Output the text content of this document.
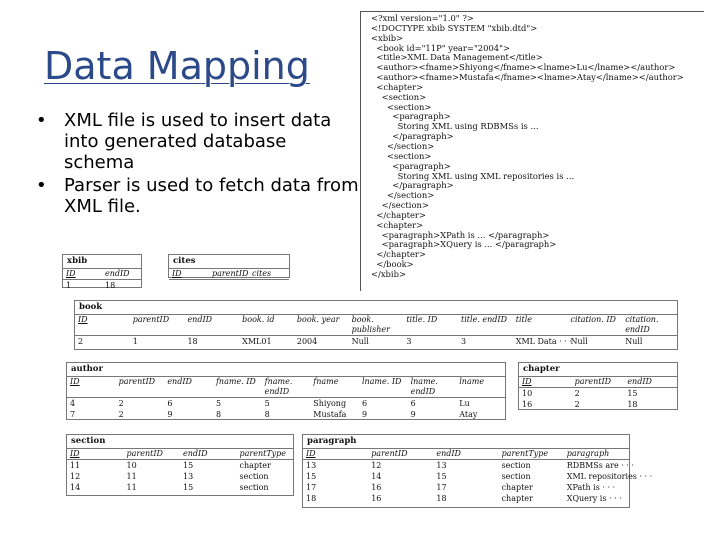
Data Mapping
• XML file is used to insert data into generated database schema
• Parser is used to fetch data from XML file.
<?xml version="1.0" ?>
<!DOCTYPE xbib SYSTEM "xbib.dtd">
<xbib>
<book id="11P" year="2004">
<title>XML Data Management</title>
<author><fname>Shiyong</fname><lname>Lu</lname></author>
<author><fname>Mustafa</fname><lname>Atay</lname></author>
<chapter>
<section>
<section>
<paragraph>
Storing XML using RDBMSs is ...
</paragraph>
</section>
<section>
<paragraph>
Storing XML using XML repositories is ...
</paragraph>
</section>
</section>
</chapter>
<chapter>
<paragraph>XPath is ... </paragraph>
<paragraph>XQuery is ... </paragraph>
</chapter>
</book>
</xbib>
xbib
ID	endID
1	18
cites
ID	parentID	cites
book
ID	parentID	endID	book. id	book. year	book. publisher	title. ID	title. endID	title	citation. ID	citation. endID
2	1	18	XML01	2004	Null	3	3	XML Data · · ·	Null	Null
author
ID	parentID	endID	fname. ID	fname. endID	fname	lname. ID	lname. endID	lname
4	2	6	5	5	Shiyong	6	6	Lu
7	2	9	8	8	Mustafa	9	9	Atay
chapter
ID	parentID	endID
10	2	15
16	2	18
section
ID	parentID	endID	parentType
11	10	15	chapter
12	11	13	section
14	11	15	section
paragraph
ID	parentID	endID	parentType	paragraph
13	12	13	section	RDBMSs are · · ·
15	14	15	section	XML repositories · · ·
17	16	17	chapter	XPath is · · ·
18	16	18	chapter	XQuery is · · ·
